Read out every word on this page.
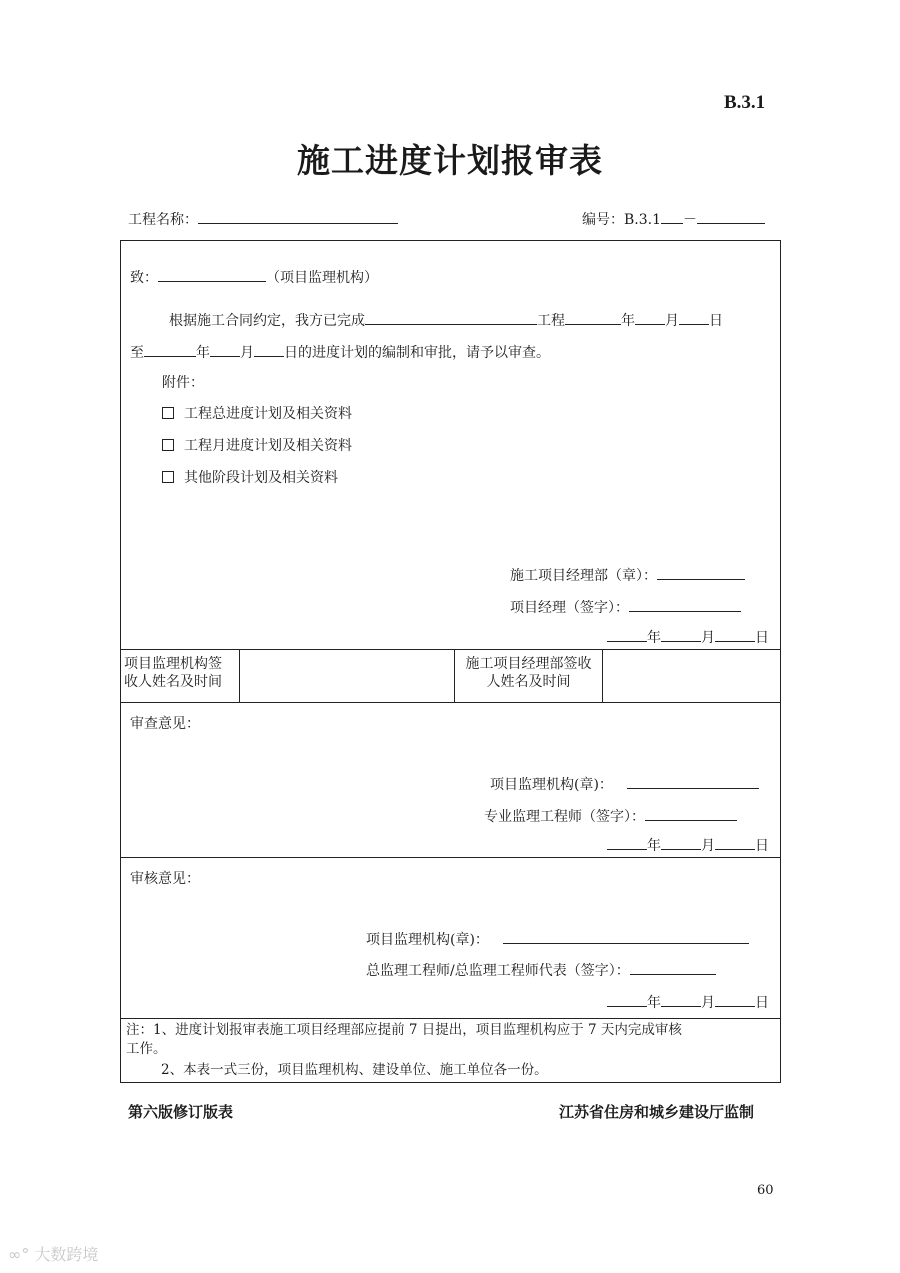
B.3.1
施工进度计划报审表
工程名称：	编号：B.3.1 －
致：	（项目监理机构）
根据施工合同约定，我方已完成	工程	年 月 日
至	年 月 日的进度计划的编制和审批，请予以审查。
附件：
工程总进度计划及相关资料
工程月进度计划及相关资料
其他阶段计划及相关资料
施工项目经理部（章）：
项目经理（签字）：
年	月	日
项目监理机构签
收人姓名及时间
施工项目经理部签收
人姓名及时间
审查意见：
项目监理机构(章)：
专业监理工程师（签字）：
年	月	日
审核意见：
项目监理机构(章)：
总监理工程师/总监理工程师代表（签字）：
年	月	日
注：1、进度计划报审表施工项目经理部应提前 7 日提出，项目监理机构应于 7 天内完成审核
工作。
2、本表一式三份，项目监理机构、建设单位、施工单位各一份。
第六版修订版表	江苏省住房和城乡建设厅监制
60
∞° 大数跨境
